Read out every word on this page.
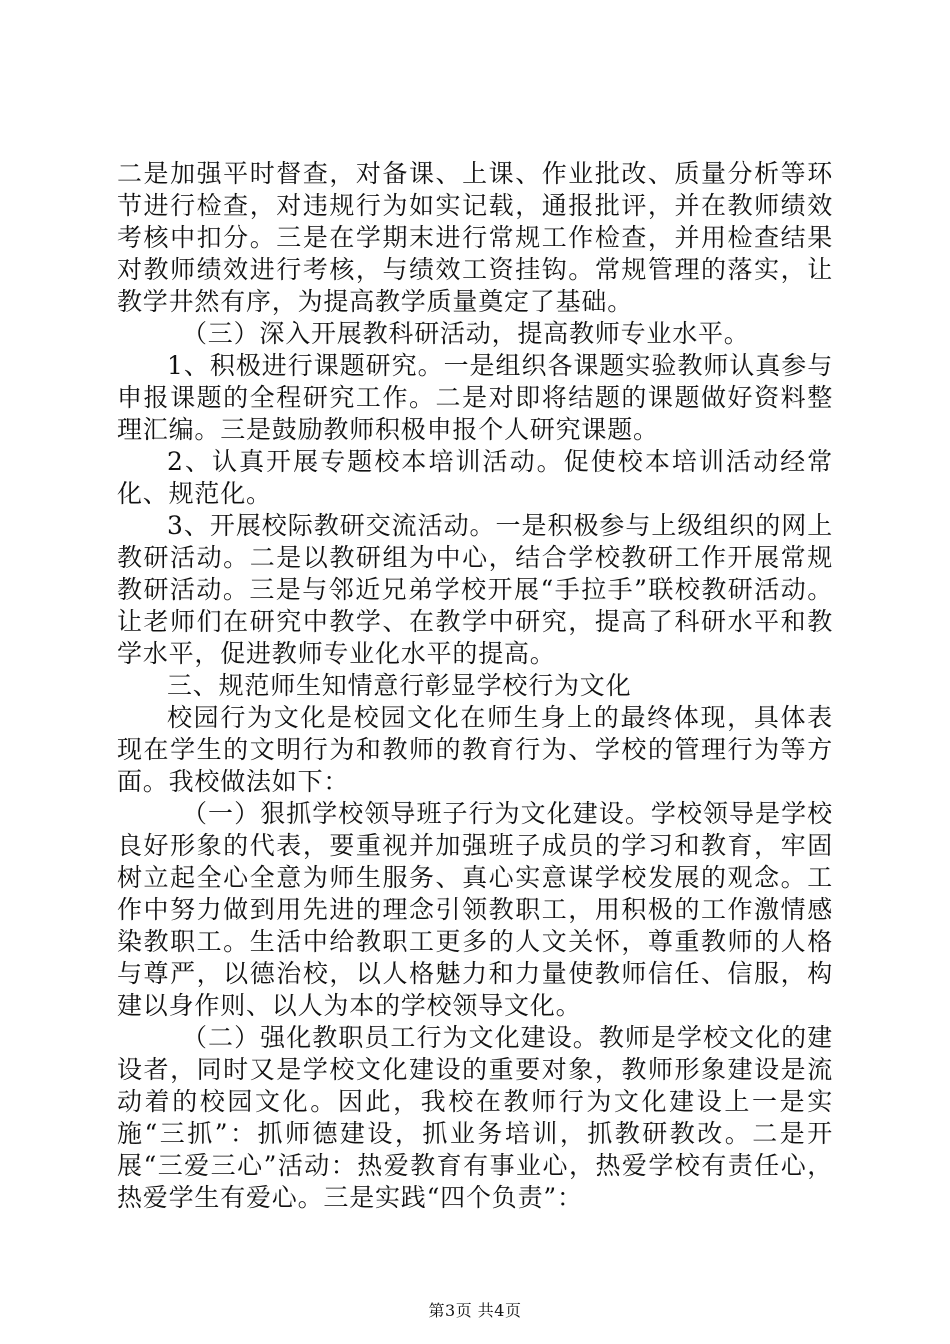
二是加强平时督查，对备课、上课、作业批改、质量分析等环节进行检查，对违规行为如实记载，通报批评，并在教师绩效考核中扣分。三是在学期末进行常规工作检查，并用检查结果对教师绩效进行考核，与绩效工资挂钩。常规管理的落实，让教学井然有序，为提高教学质量奠定了基础。

（三）深入开展教科研活动，提高教师专业水平。

1、积极进行课题研究。一是组织各课题实验教师认真参与申报课题的全程研究工作。二是对即将结题的课题做好资料整理汇编。三是鼓励教师积极申报个人研究课题。

2、认真开展专题校本培训活动。促使校本培训活动经常化、规范化。

3、开展校际教研交流活动。一是积极参与上级组织的网上教研活动。二是以教研组为中心，结合学校教研工作开展常规教研活动。三是与邻近兄弟学校开展“手拉手”联校教研活动。让老师们在研究中教学、在教学中研究，提高了科研水平和教学水平，促进教师专业化水平的提高。

三、规范师生知情意行彰显学校行为文化

校园行为文化是校园文化在师生身上的最终体现，具体表现在学生的文明行为和教师的教育行为、学校的管理行为等方面。我校做法如下：

（一）狠抓学校领导班子行为文化建设。学校领导是学校良好形象的代表，要重视并加强班子成员的学习和教育，牢固树立起全心全意为师生服务、真心实意谋学校发展的观念。工作中努力做到用先进的理念引领教职工，用积极的工作激情感染教职工。生活中给教职工更多的人文关怀，尊重教师的人格与尊严，以德治校，以人格魅力和力量使教师信任、信服，构建以身作则、以人为本的学校领导文化。

（二）强化教职员工行为文化建设。教师是学校文化的建设者，同时又是学校文化建设的重要对象，教师形象建设是流动着的校园文化。因此，我校在教师行为文化建设上一是实施“三抓”：抓师德建设，抓业务培训，抓教研教改。二是开展“三爱三心”活动：热爱教育有事业心，热爱学校有责任心，热爱学生有爱心。三是实践“四个负责”：

第3页 共4页
